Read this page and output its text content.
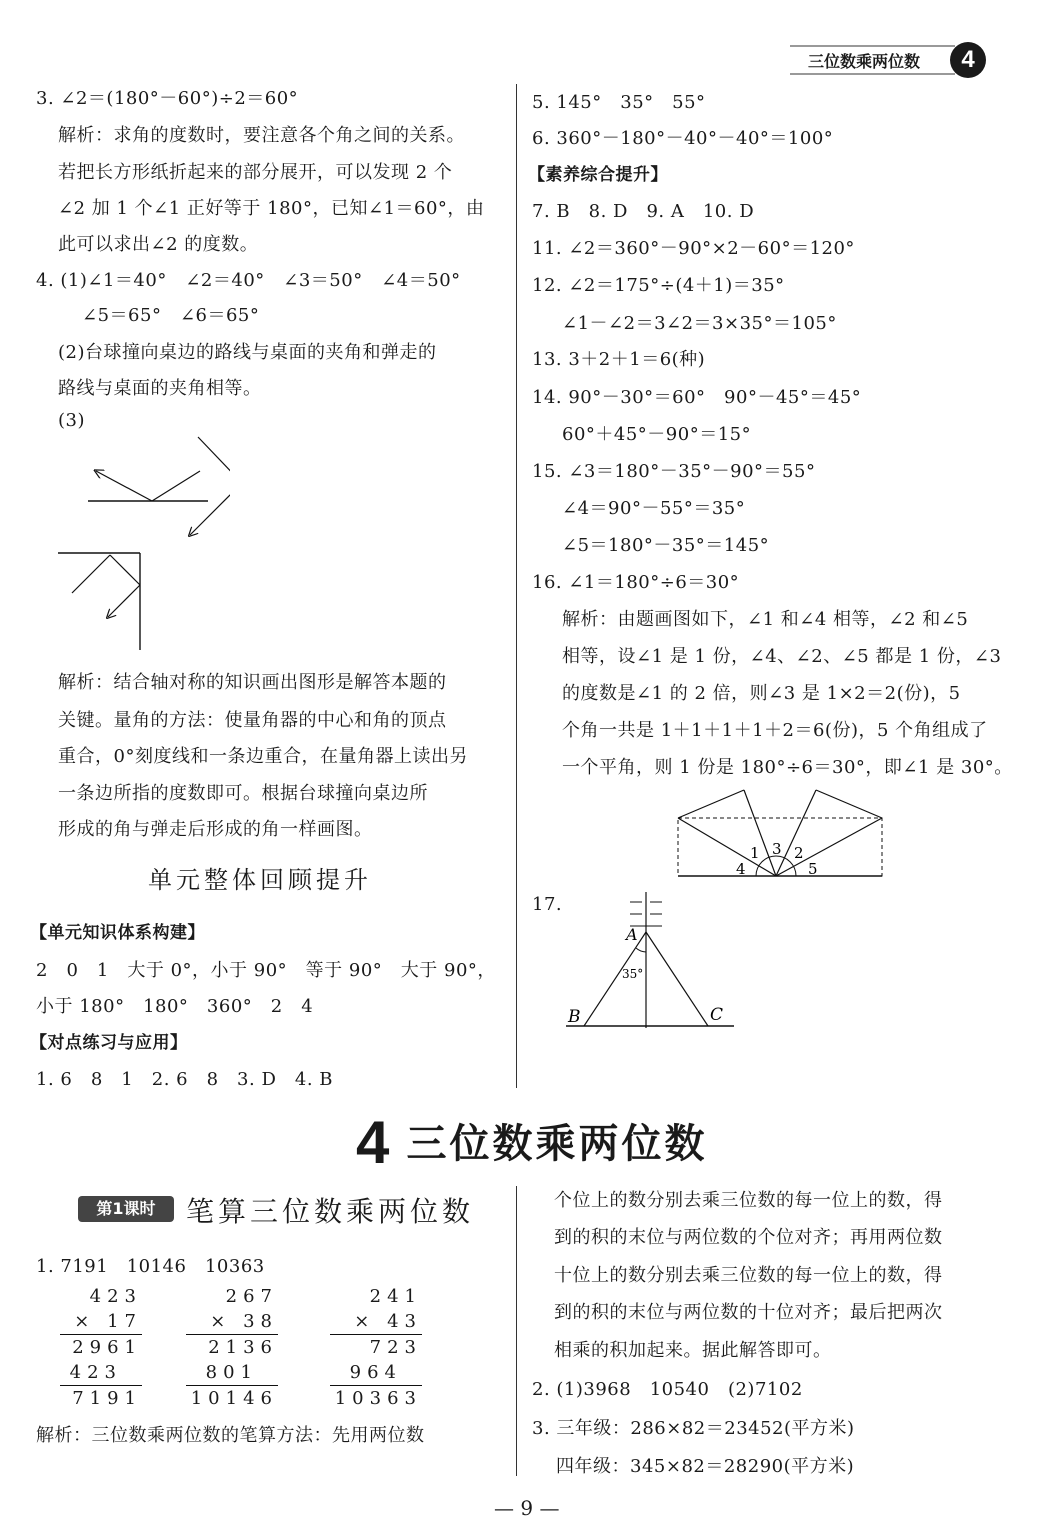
三位数乘两位数	4
3. ∠2＝(180°－60°)÷2＝60°
解析：求角的度数时，要注意各个角之间的关系。
若把长方形纸折起来的部分展开，可以发现 2 个
∠2 加 1 个∠1 正好等于 180°，已知∠1＝60°，由
此可以求出∠2 的度数。
4. (1)∠1＝40°　∠2＝40°　∠3＝50°　∠4＝50°
∠5＝65°　∠6＝65°
(2)台球撞向桌边的路线与桌面的夹角和弹走的
路线与桌面的夹角相等。
(3)
解析：结合轴对称的知识画出图形是解答本题的
关键。量角的方法：使量角器的中心和角的顶点
重合，0°刻度线和一条边重合，在量角器上读出另
一条边所指的度数即可。根据台球撞向桌边所
形成的角与弹走后形成的角一样画图。
单元整体回顾提升
【单元知识体系构建】
2　0　1　大于 0°，小于 90°　等于 90°　大于 90°，
小于 180°　180°　360°　2　4
【对点练习与应用】
1. 6　8　1　2. 6　8　3. D　4. B
5. 145°　35°　55°
6. 360°－180°－40°－40°＝100°
【素养综合提升】
7. B　8. D　9. A　10. D
11. ∠2＝360°－90°×2－60°＝120°
12. ∠2＝175°÷(4＋1)＝35°
∠1－∠2＝3∠2＝3×35°＝105°
13. 3＋2＋1＝6(种)
14. 90°－30°＝60°　90°－45°＝45°
60°＋45°－90°＝15°
15. ∠3＝180°－35°－90°＝55°
∠4＝90°－55°＝35°
∠5＝180°－35°＝145°
16. ∠1＝180°÷6＝30°
解析：由题画图如下，∠1 和∠4 相等，∠2 和∠5
相等，设∠1 是 1 份，∠4、∠2、∠5 都是 1 份，∠3
的度数是∠1 的 2 倍，则∠3 是 1×2＝2(份)，5
个角一共是 1＋1＋1＋1＋2＝6(份)，5 个角组成了
一个平角，则 1 份是 180°÷6＝30°，即∠1 是 30°。
1 3 2
4	5
17.
A
35°
B	C
4 三位数乘两位数
第1课时	笔算三位数乘两位数
1. 7191　10146　10363
423
× 17
2961
423
7191
267
× 38
2136
801
10146
241
× 43
723
964
10363
解析：三位数乘两位数的笔算方法：先用两位数
个位上的数分别去乘三位数的每一位上的数，得
到的积的末位与两位数的个位对齐；再用两位数
十位上的数分别去乘三位数的每一位上的数，得
到的积的末位与两位数的十位对齐；最后把两次
相乘的积加起来。据此解答即可。
2. (1)3968　10540　(2)7102
3. 三年级：286×82＝23452(平方米)
四年级：345×82＝28290(平方米)
— 9 —
